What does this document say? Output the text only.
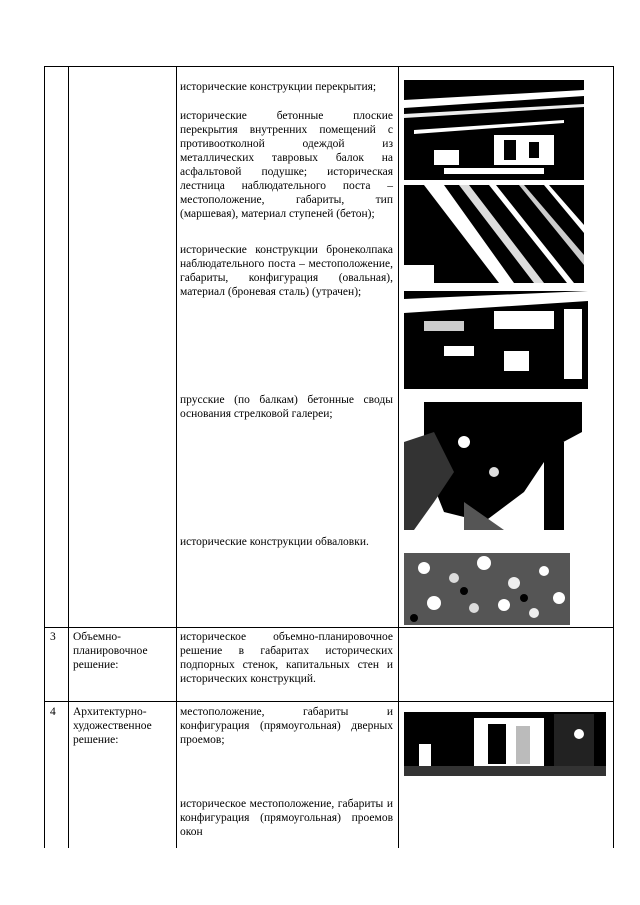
исторические конструкции перекрытия;
исторические бетонные плоские перекрытия внутренних помещений с противоотколной одеждой из металлических тавровых балок на асфальтовой подушке; историческая лестница наблюдательного поста – местоположение, габариты, тип (маршевая), материал ступеней (бетон);
исторические конструкции бронеколпака наблюдательного поста – местоположение, габариты, конфигурация (овальная), материал (броневая сталь) (утрачен);
прусские (по балкам) бетонные своды основания стрелковой галереи;
исторические конструкции обваловки.
3 Объемно-планировочное решение:
историческое объемно-планировочное решение в габаритах исторических подпорных стенок, капитальных стен и исторических конструкций.
4 Архитектурно-художественное решение:
местоположение, габариты и конфигурация (прямоугольная) дверных проемов;
историческое местоположение, габариты и конфигурация (прямоугольная) проемов окон
